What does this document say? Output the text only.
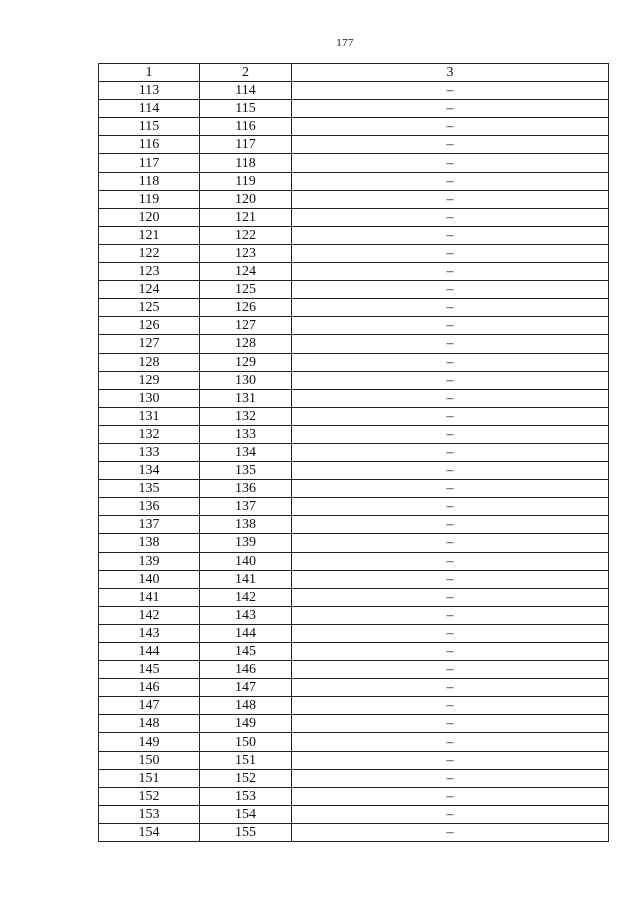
177
1	2	3
113	114	–
114	115	–
115	116	–
116	117	–
117	118	–
118	119	–
119	120	–
120	121	–
121	122	–
122	123	–
123	124	–
124	125	–
125	126	–
126	127	–
127	128	–
128	129	–
129	130	–
130	131	–
131	132	–
132	133	–
133	134	–
134	135	–
135	136	–
136	137	–
137	138	–
138	139	–
139	140	–
140	141	–
141	142	–
142	143	–
143	144	–
144	145	–
145	146	–
146	147	–
147	148	–
148	149	–
149	150	–
150	151	–
151	152	–
152	153	–
153	154	–
154	155	–
